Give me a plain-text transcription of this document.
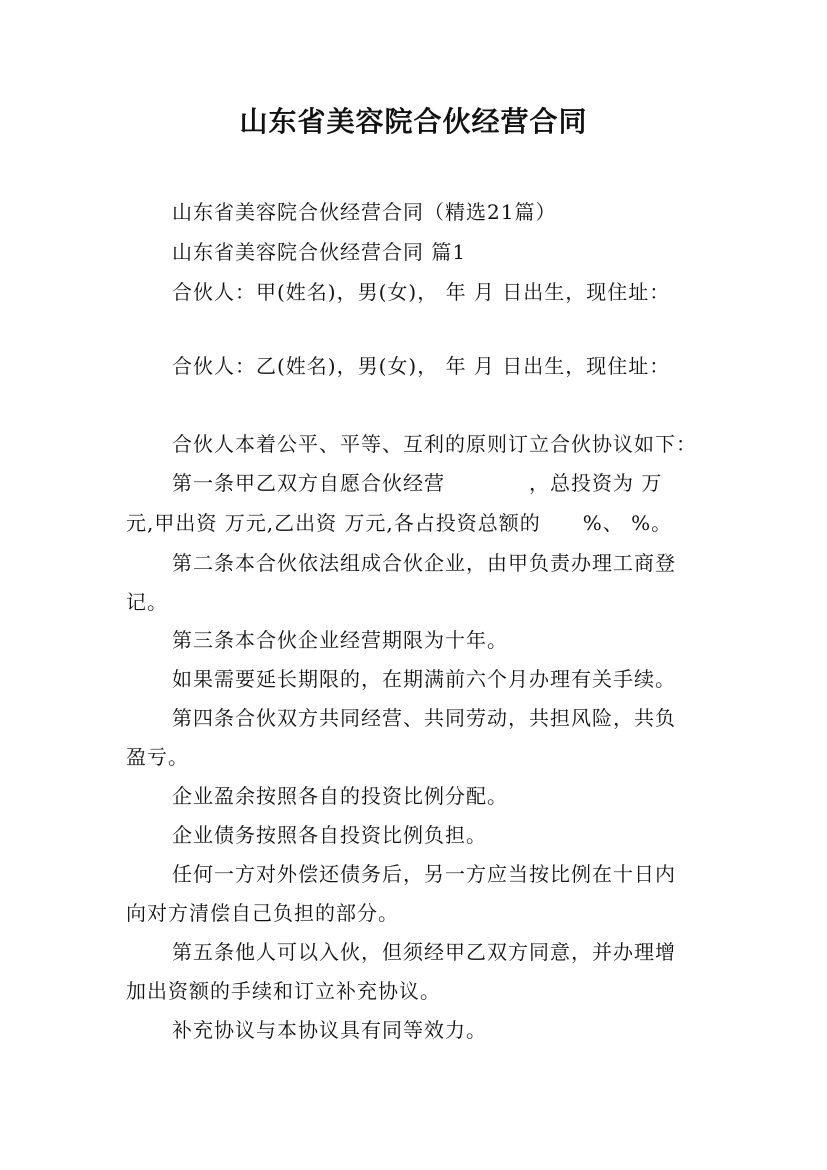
山东省美容院合伙经营合同
山东省美容院合伙经营合同（精选21篇）
山东省美容院合伙经营合同 篇1
合伙人：甲(姓名)，男(女)， 年 月 日出生，现住址：
合伙人：乙(姓名)，男(女)， 年 月 日出生，现住址：
合伙人本着公平、平等、互利的原则订立合伙协议如下：
第一条甲乙双方自愿合伙经营　　　　，总投资为 万
元,甲出资 万元,乙出资 万元,各占投资总额的　　%、 %。
第二条本合伙依法组成合伙企业，由甲负责办理工商登
记。
第三条本合伙企业经营期限为十年。
如果需要延长期限的，在期满前六个月办理有关手续。
第四条合伙双方共同经营、共同劳动，共担风险，共负
盈亏。
企业盈余按照各自的投资比例分配。
企业债务按照各自投资比例负担。
任何一方对外偿还债务后，另一方应当按比例在十日内
向对方清偿自己负担的部分。
第五条他人可以入伙，但须经甲乙双方同意，并办理增
加出资额的手续和订立补充协议。
补充协议与本协议具有同等效力。
